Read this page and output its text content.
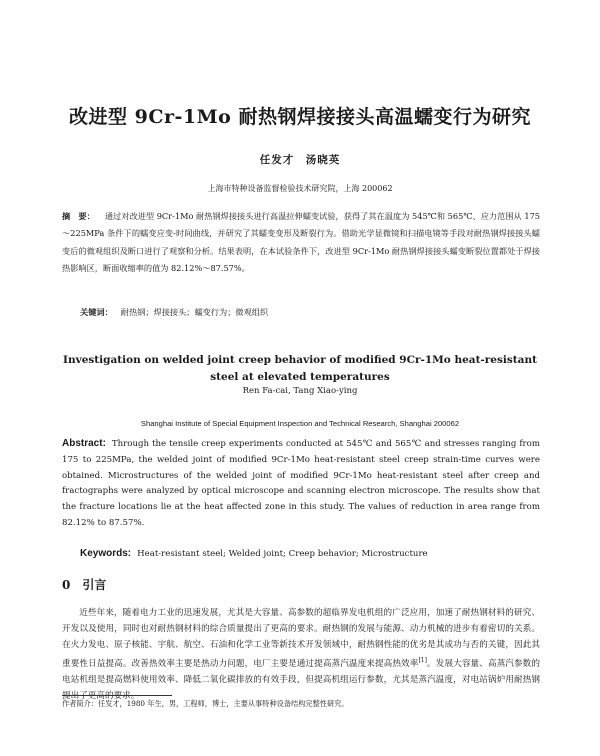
改进型 9Cr-1Mo 耐热钢焊接接头高温蠕变行为研究
任发才　汤晓英
上海市特种设备监督检验技术研究院，上海 200062
摘　要： 通过对改进型 9Cr-1Mo 耐热钢焊接接头进行高温拉伸蠕变试验，获得了其在温度为 545℃和 565℃、应力范围从 175～225MPa 条件下的蠕变应变-时间曲线，并研究了其蠕变变形及断裂行为。借助光学显微镜和扫描电镜等手段对耐热钢焊接接头蠕变后的微观组织及断口进行了观察和分析。结果表明，在本试验条件下，改进型 9Cr-1Mo 耐热钢焊接接头蠕变断裂位置都处于焊接热影响区，断面收缩率的值为 82.12%～87.57%。
关键词： 耐热钢；焊接接头；蠕变行为；微观组织
Investigation on welded joint creep behavior of modified 9Cr-1Mo heat-resistant
steel at elevated temperatures
Ren Fa-cai, Tang Xiao-ying
Shanghai Institute of Special Equipment Inspection and Technical Research, Shanghai 200062
Abstract: Through the tensile creep experiments conducted at 545℃ and 565℃ and stresses ranging from 175 to 225MPa, the welded joint of modified 9Cr-1Mo heat-resistant steel creep strain-time curves were obtained. Microstructures of the welded joint of modified 9Cr-1Mo heat-resistant steel after creep and fractographs were analyzed by optical microscope and scanning electron microscope. The results show that the fracture locations lie at the heat affected zone in this study. The values of reduction in area range from 82.12% to 87.57%.
Keywords: Heat-resistant steel; Welded joint; Creep behavior; Microstructure
0 引言

近些年来，随着电力工业的迅速发展，尤其是大容量、高参数的超临界发电机组的广泛应用，加速了耐热钢材料的研究、开发以及使用，同时也对耐热钢材料的综合质量提出了更高的要求。耐热钢的发展与能源、动力机械的进步有着密切的关系。在火力发电、原子核能、宇航、航空、石油和化学工业等新技术开发领域中，耐热钢性能的优劣是其成功与否的关键，因此其重要性日益提高。改善热效率主要是热动力问题，电厂主要是通过提高蒸汽温度来提高热效率[1]。发展大容量、高蒸汽参数的电站机组是提高燃料使用效率、降低二氧化碳排放的有效手段，但提高机组运行参数，尤其是蒸汽温度，对电站锅炉用耐热钢提出了更高的要求。

作者简介：任发才，1980 年生，男，工程师，博士，主要从事特种设备结构完整性研究。
